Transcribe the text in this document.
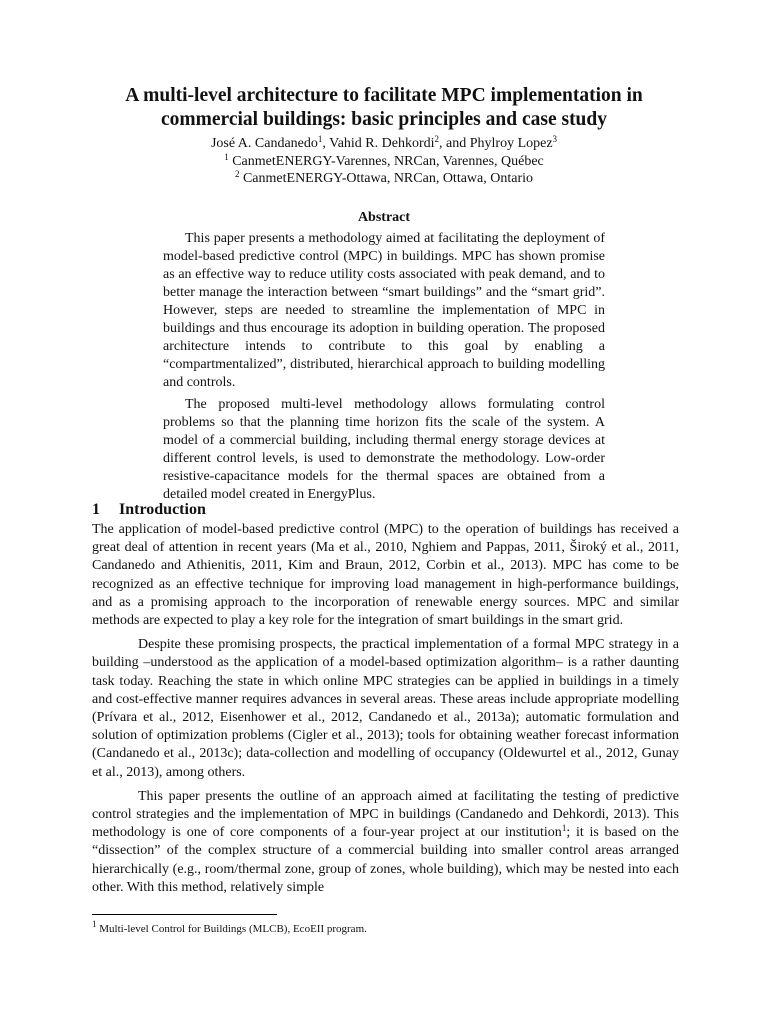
A multi-level architecture to facilitate MPC implementation in
commercial buildings: basic principles and case study
José A. Candanedo$^1$, Vahid R. Dehkordi$^2$, and Phylroy Lopez$^3$
$^1$ CanmetENERGY-Varennes, NRCan, Varennes, Québec
$^2$ CanmetENERGY-Ottawa, NRCan, Ottawa, Ontario
Abstract

This paper presents a methodology aimed at facilitating the deployment of model-based predictive control (MPC) in buildings. MPC has shown promise as an effective way to reduce utility costs associated with peak demand, and to better manage the interaction between “smart buildings” and the “smart grid”. However, steps are needed to streamline the implementation of MPC in buildings and thus encourage its adoption in building operation. The proposed architecture intends to contribute to this goal by enabling a “compartmentalized”, distributed, hierarchical approach to building modelling and controls.

The proposed multi-level methodology allows formulating control problems so that the planning time horizon fits the scale of the system. A model of a commercial building, including thermal energy storage devices at different control levels, is used to demonstrate the methodology. Low-order resistive-capacitance models for the thermal spaces are obtained from a detailed model created in EnergyPlus.

1 Introduction

The application of model-based predictive control (MPC) to the operation of buildings has received a great deal of attention in recent years (Ma et al., 2010, Nghiem and Pappas, 2011, Široký et al., 2011, Candanedo and Athienitis, 2011, Kim and Braun, 2012, Corbin et al., 2013). MPC has come to be recognized as an effective technique for improving load management in high-performance buildings, and as a promising approach to the incorporation of renewable energy sources. MPC and similar methods are expected to play a key role for the integration of smart buildings in the smart grid.

Despite these promising prospects, the practical implementation of a formal MPC strategy in a building –understood as the application of a model-based optimization algorithm– is a rather daunting task today. Reaching the state in which online MPC strategies can be applied in buildings in a timely and cost-effective manner requires advances in several areas. These areas include appropriate modelling (Prívara et al., 2012, Eisenhower et al., 2012, Candanedo et al., 2013a); automatic formulation and solution of optimization problems (Cigler et al., 2013); tools for obtaining weather forecast information (Candanedo et al., 2013c); data-collection and modelling of occupancy (Oldewurtel et al., 2012, Gunay et al., 2013), among others.

This paper presents the outline of an approach aimed at facilitating the testing of predictive control strategies and the implementation of MPC in buildings (Candanedo and Dehkordi, 2013). This methodology is one of core components of a four-year project at our institution$^1$; it is based on the “dissection” of the complex structure of a commercial building into smaller control areas arranged hierarchically (e.g., room/thermal zone, group of zones, whole building), which may be nested into each other. With this method, relatively simple

$^1$ Multi-level Control for Buildings (MLCB), EcoEII program.
